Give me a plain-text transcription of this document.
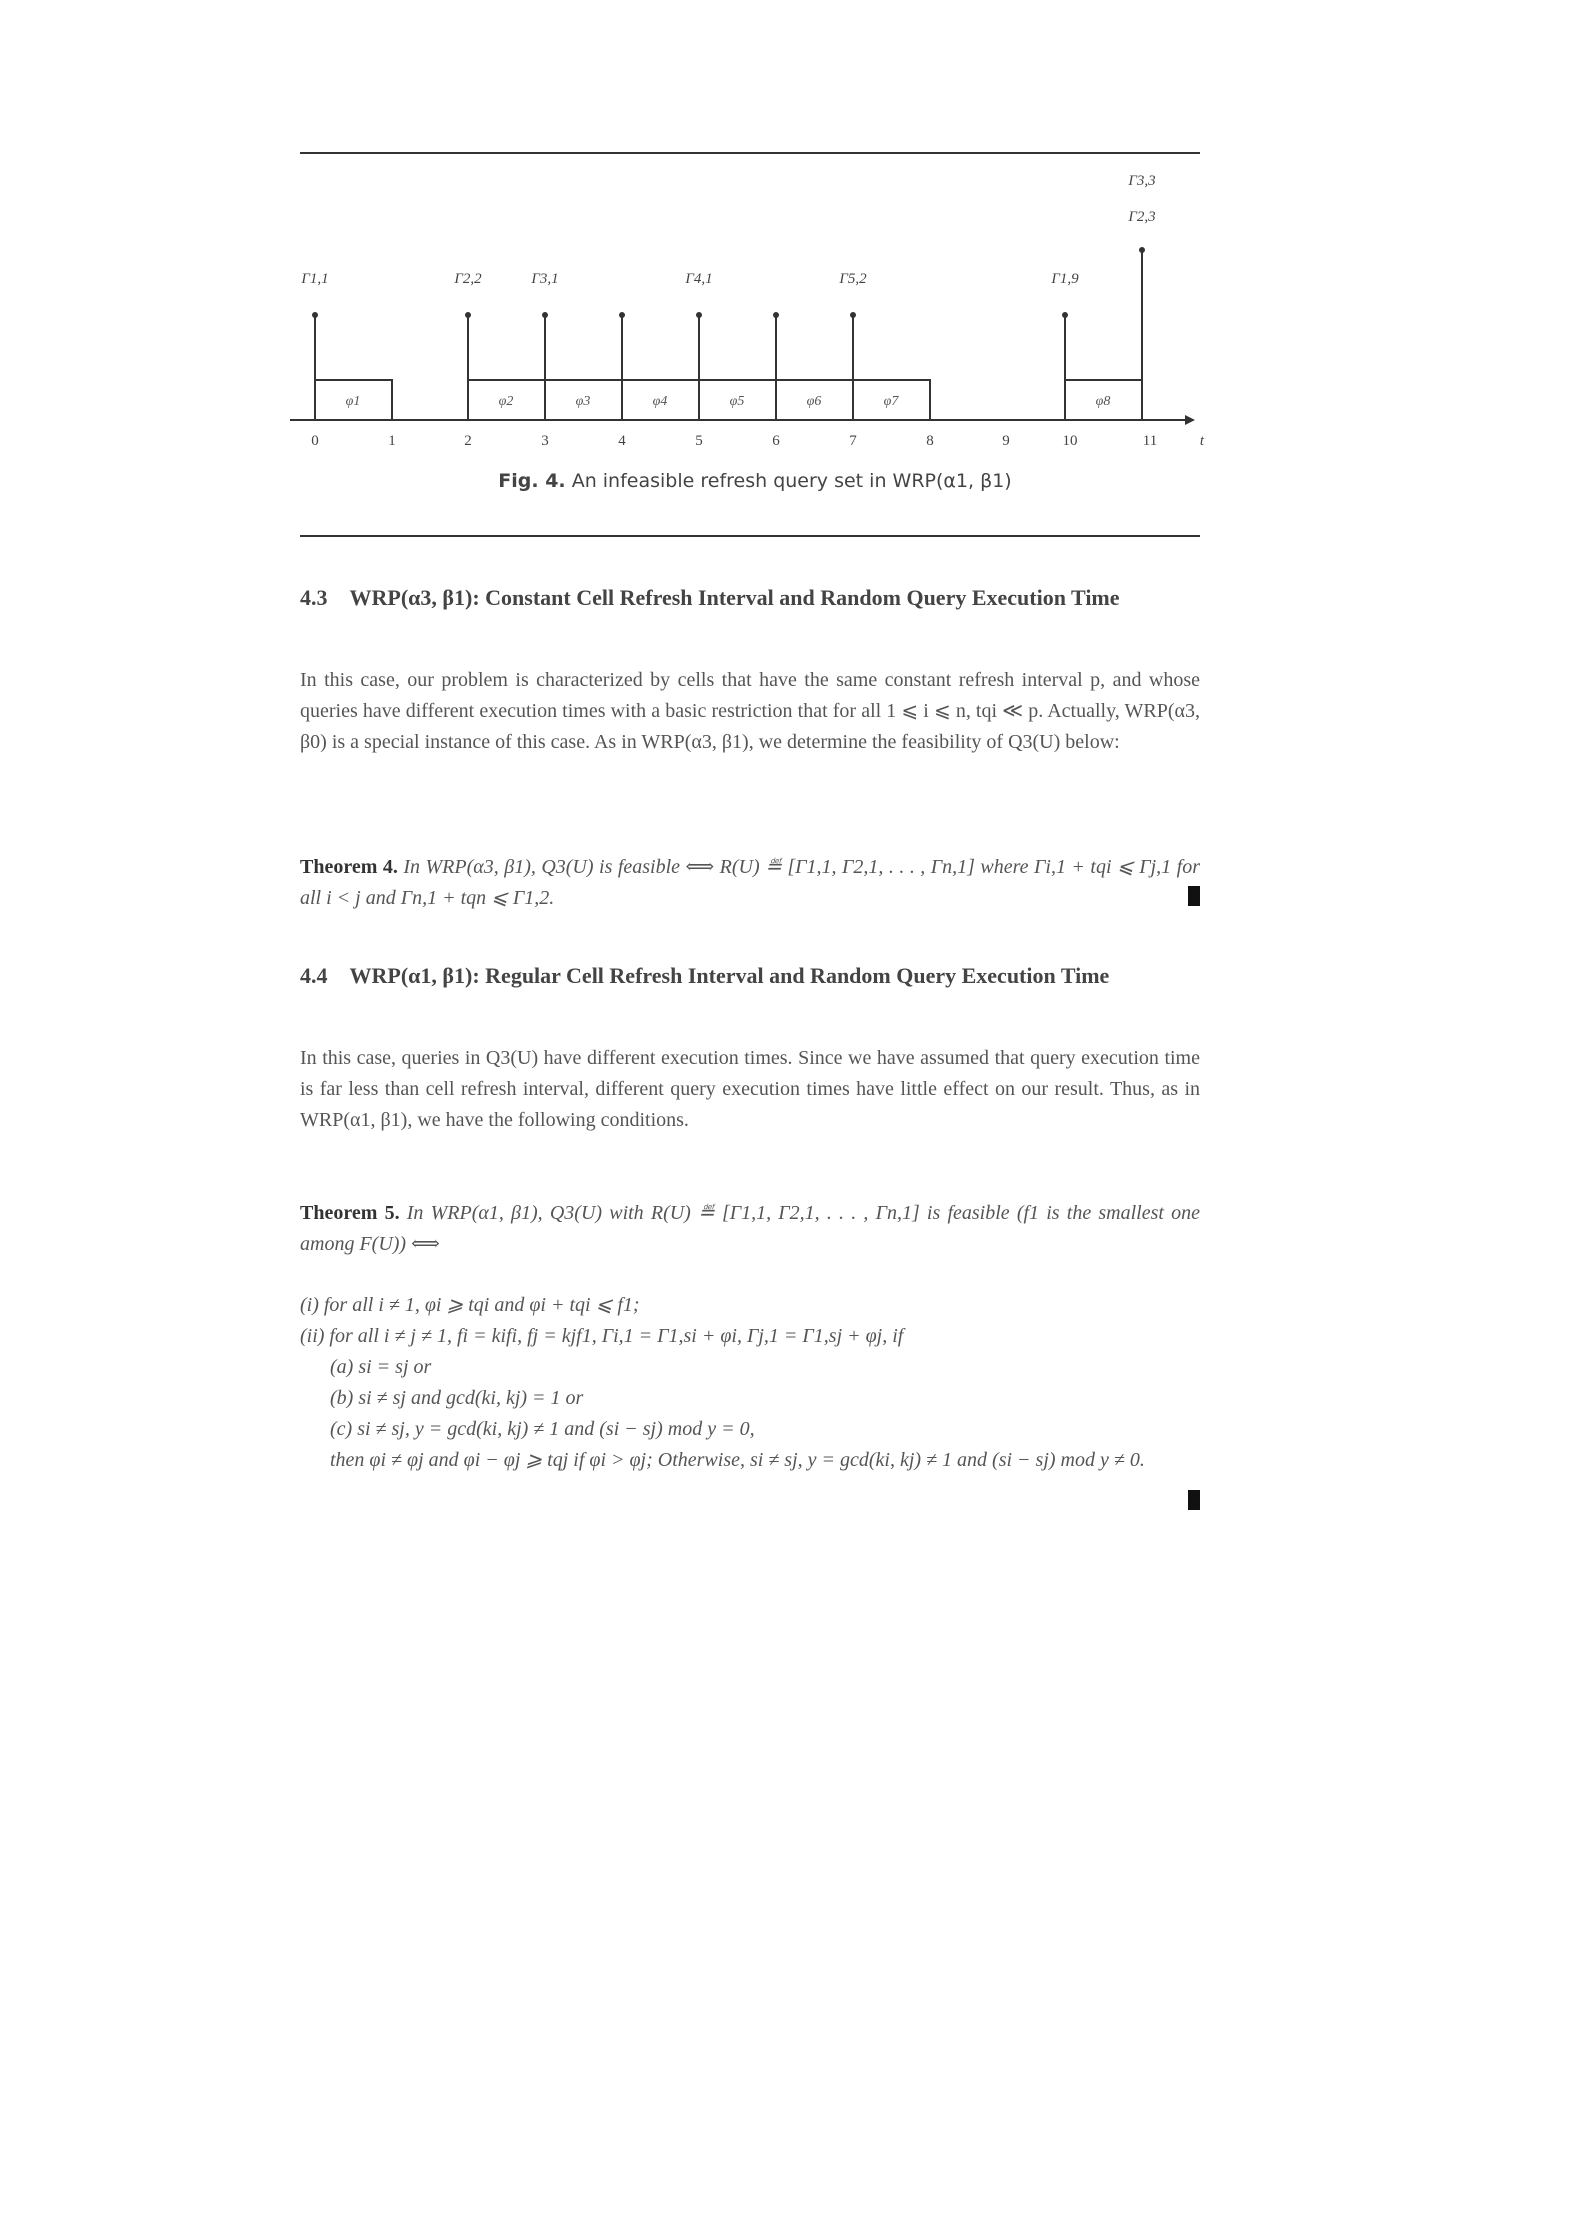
φ1	φ2	φ3	φ4	φ5	φ6	φ7	φ8
Γ1,1	Γ2,2	Γ3,1	Γ4,1	Γ5,2	Γ1,9
Γ2,3
Γ3,3
0	1	2	3	4	5	6	7	8	9	10	11	t
Fig. 4. An infeasible refresh query set in WRP(α1, β1)
4.3 WRP(α3, β1): Constant Cell Refresh Interval and Random Query Execution Time
In this case, our problem is characterized by cells that have the same constant refresh interval p, and whose queries have different execution times with a basic restriction that for all 1 ⩽ i ⩽ n, tqi ≪ p. Actually, WRP(α3, β0) is a special instance of this case. As in WRP(α3, β1), we determine the feasibility of Q3(U) below:
Theorem 4. In WRP(α3, β1), Q3(U) is feasible ⟺ R(U) ≝ [Γ1,1, Γ2,1, . . . , Γn,1] where Γi,1 + tqi ⩽ Γj,1 for all i < j and Γn,1 + tqn ⩽ Γ1,2.
4.4 WRP(α1, β1): Regular Cell Refresh Interval and Random Query Execution Time
In this case, queries in Q3(U) have different execution times. Since we have assumed that query execution time is far less than cell refresh interval, different query execution times have little effect on our result. Thus, as in WRP(α1, β1), we have the following conditions.
Theorem 5. In WRP(α1, β1), Q3(U) with R(U) ≝ [Γ1,1, Γ2,1, . . . , Γn,1] is feasible (f1 is the smallest one among F(U)) ⟺
(i) for all i ≠ 1, φi ⩾ tqi and φi + tqi ⩽ f1;
(ii) for all i ≠ j ≠ 1, fi = kifi, fj = kjf1, Γi,1 = Γ1,si + φi, Γj,1 = Γ1,sj + φj, if
(a) si = sj or
(b) si ≠ sj and gcd(ki, kj) = 1 or
(c) si ≠ sj, y = gcd(ki, kj) ≠ 1 and (si − sj) mod y = 0,
then φi ≠ φj and φi − φj ⩾ tqj if φi > φj; Otherwise, si ≠ sj, y = gcd(ki, kj) ≠ 1 and (si − sj) mod y ≠ 0.
